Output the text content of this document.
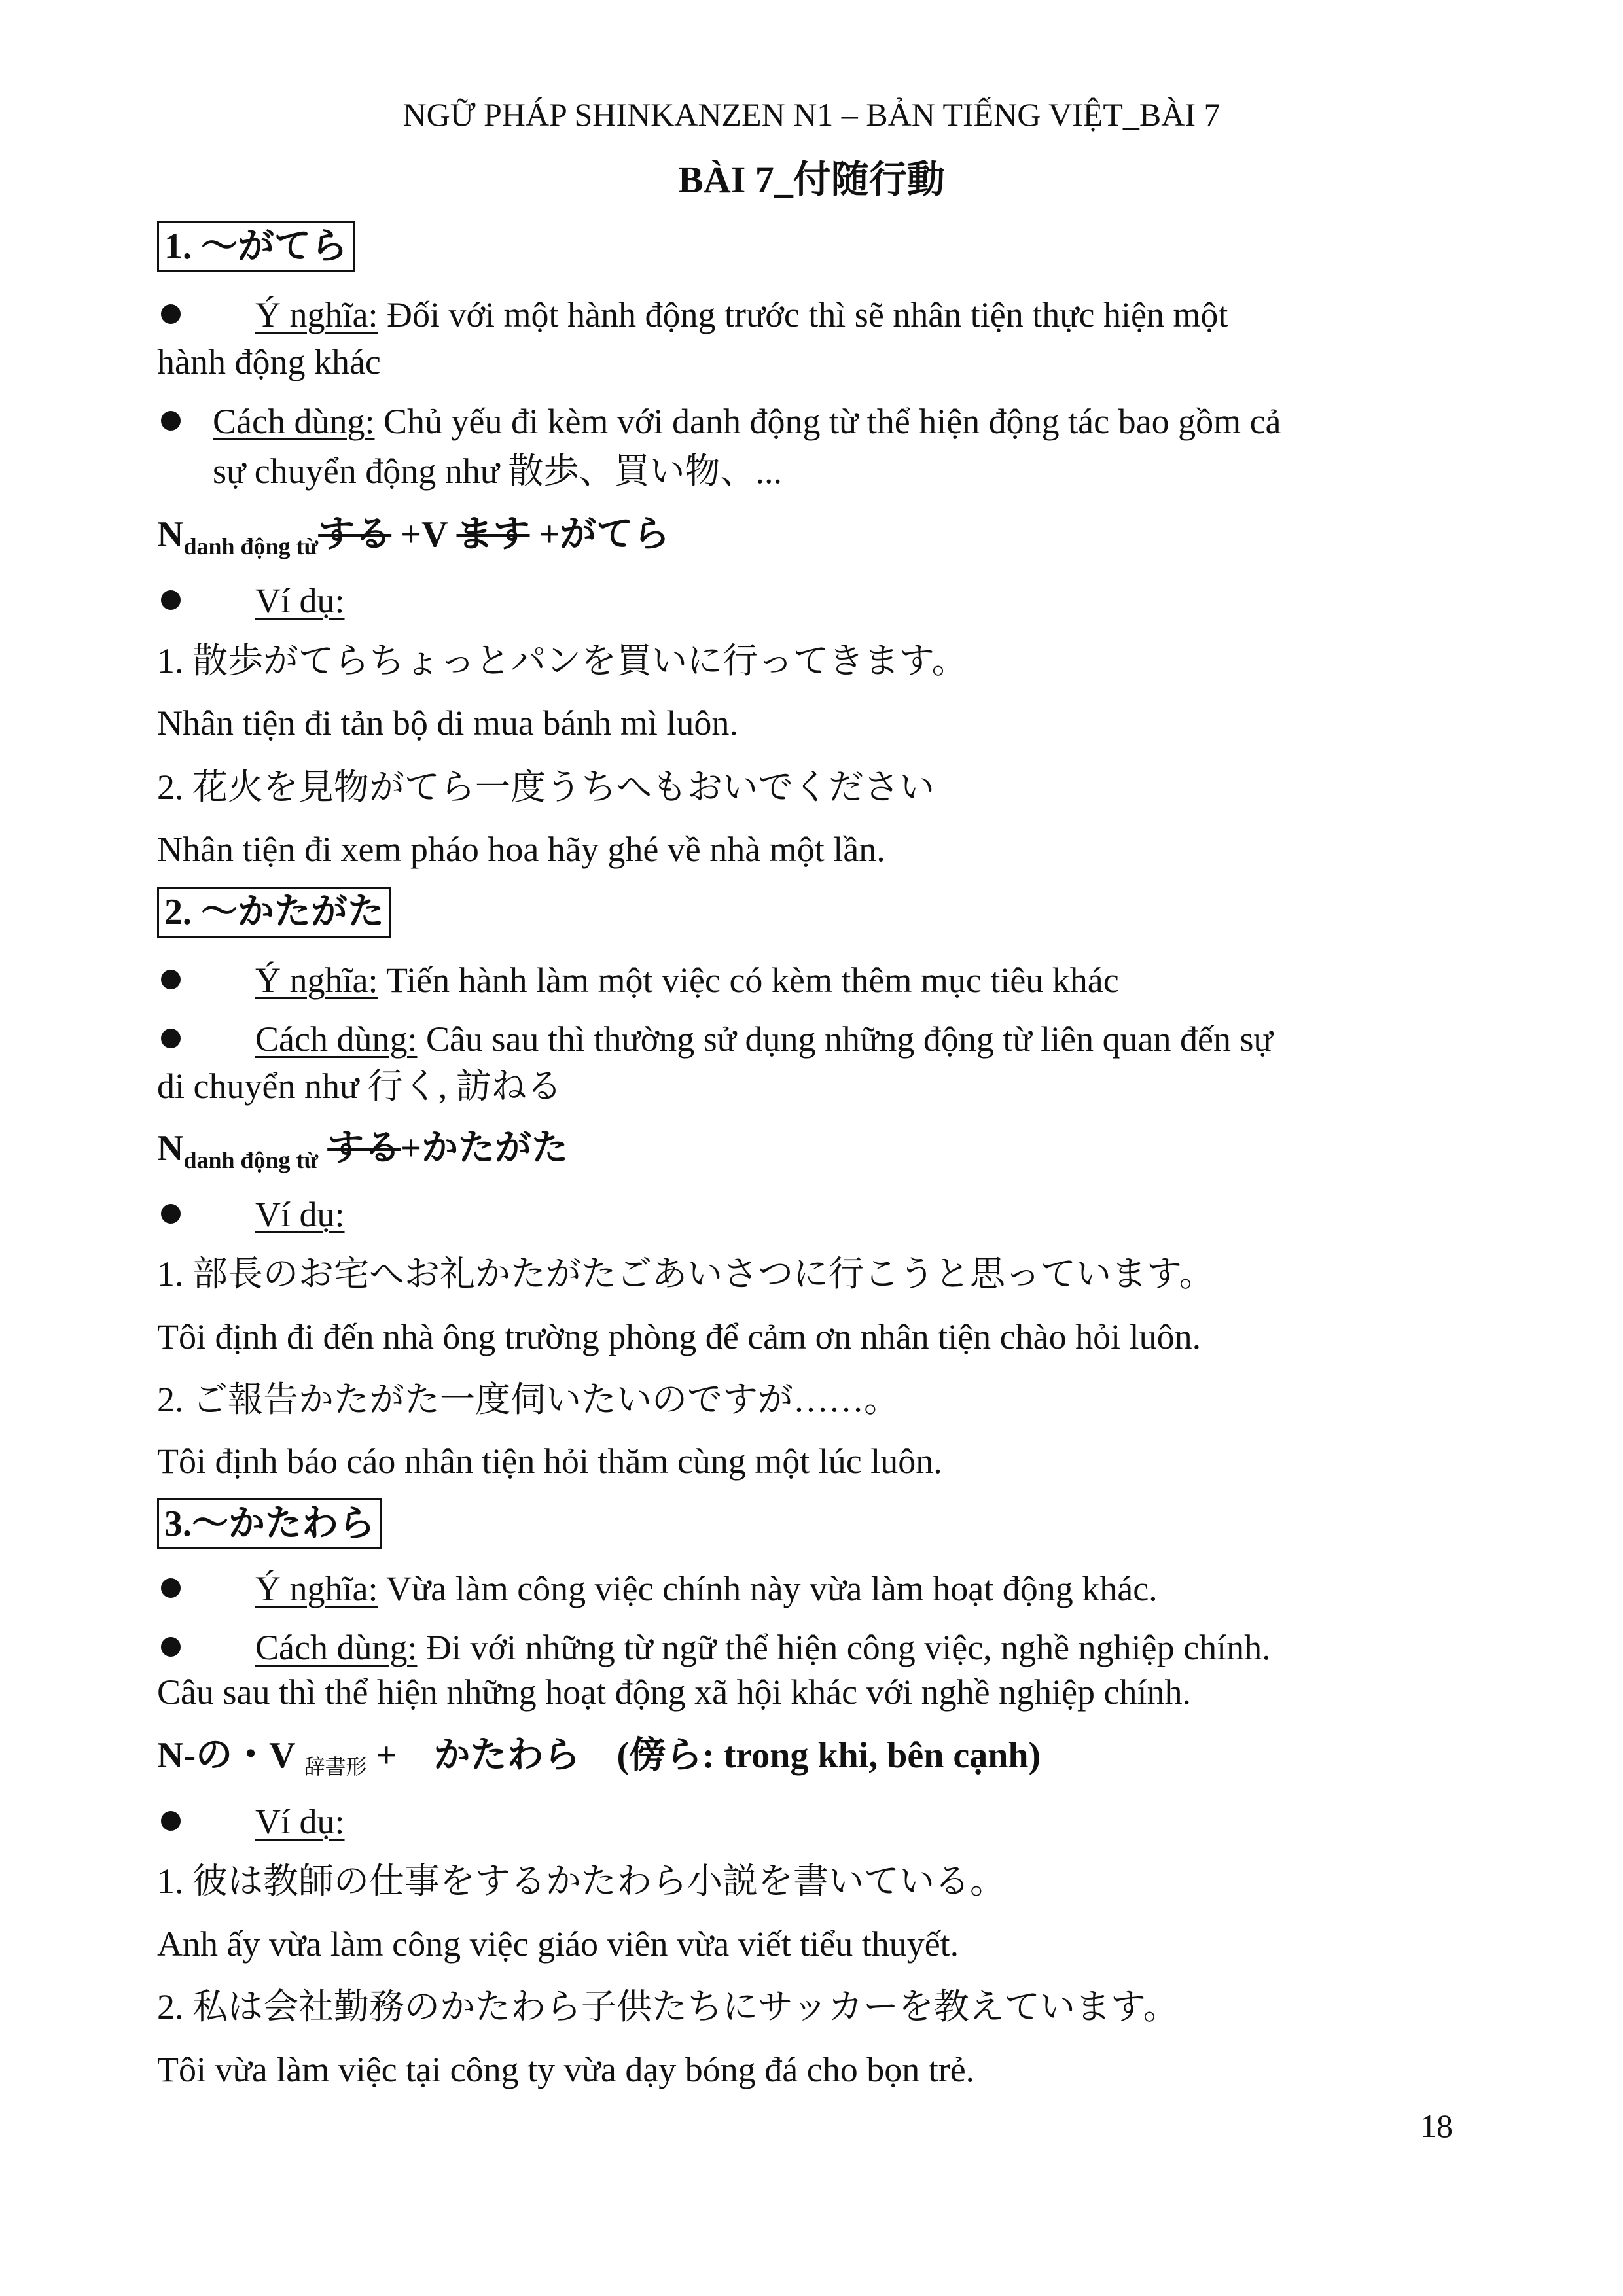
NGỮ PHÁP SHINKANZEN N1 – BẢN TIẾNG VIỆT_BÀI 7
BÀI 7_付随行動
1. ～がてら
Ý nghĩa: Đối với một hành động trước thì sẽ nhân tiện thực hiện một
hành động khác
Cách dùng: Chủ yếu đi kèm với danh động từ thể hiện động tác bao gồm cả
sự chuyển động như 散歩、買い物、...
$N_{danh động từ}$する +V ます +がてら
Ví dụ:
1. 散歩がてらちょっとパンを買いに行ってきます。
Nhân tiện đi tản bộ di mua bánh mì luôn.
2. 花火を見物がてら一度うちへもおいでください
Nhân tiện đi xem pháo hoa hãy ghé về nhà một lần.
2. ～かたがた
Ý nghĩa: Tiến hành làm một việc có kèm thêm mục tiêu khác
Cách dùng: Câu sau thì thường sử dụng những động từ liên quan đến sự
di chuyển như 行く, 訪ねる
$N_{danh động từ}$ する+かたがた
Ví dụ:
1. 部長のお宅へお礼かたがたごあいさつに行こうと思っています。
Tôi định đi đến nhà ông trường phòng để cảm ơn nhân tiện chào hỏi luôn.
2. ご報告かたがた一度伺いたいのですが……。
Tôi định báo cáo nhân tiện hỏi thăm cùng một lúc luôn.
3.～かたわら
Ý nghĩa: Vừa làm công việc chính này vừa làm hoạt động khác.
Cách dùng: Đi với những từ ngữ thể hiện công việc, nghề nghiệp chính.
Câu sau thì thể hiện những hoạt động xã hội khác với nghề nghiệp chính.
N-の・V 辞書形 +　かたわら　(傍ら: trong khi, bên cạnh)
Ví dụ:
1. 彼は教師の仕事をするかたわら小説を書いている。
Anh ấy vừa làm công việc giáo viên vừa viết tiểu thuyết.
2. 私は会社勤務のかたわら子供たちにサッカーを教えています。
Tôi vừa làm việc tại công ty vừa dạy bóng đá cho bọn trẻ.
18
